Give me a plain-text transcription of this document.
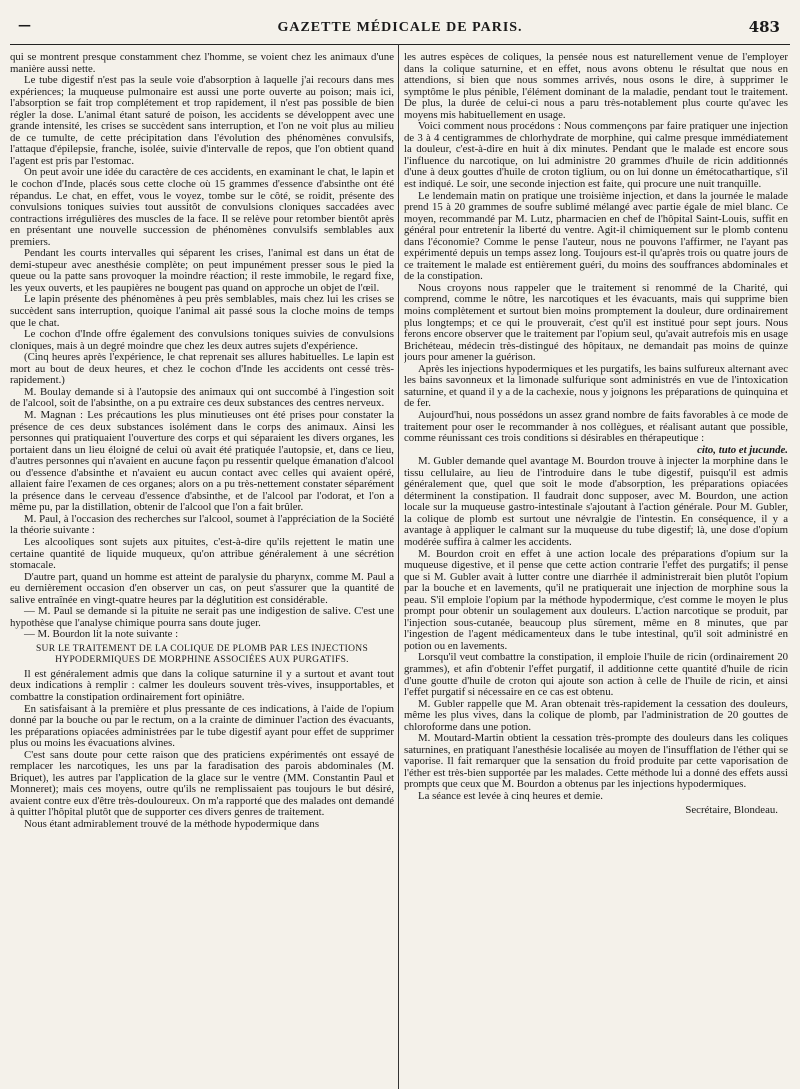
—	GAZETTE MÉDICALE DE PARIS.	483

qui se montrent presque constamment chez l'homme, se voient chez les animaux d'une manière aussi nette.

Le tube digestif n'est pas la seule voie d'absorption à laquelle j'ai recours dans mes expériences; la muqueuse pulmonaire est aussi une porte ouverte au poison; mais ici, l'absorption se fait trop complétement et trop rapidement, il n'est pas possible de bien régler la dose. L'animal étant saturé de poison, les accidents se développent avec une grande intensité, les crises se succèdent sans interruption, et l'on ne voit plus au milieu de ce tumulte, de cette précipitation dans l'évolution des phénomènes convulsifs, l'attaque d'épilepsie, franche, isolée, suivie d'intervalle de repos, que l'on obtient quand l'agent est pris par l'estomac.

On peut avoir une idée du caractère de ces accidents, en examinant le chat, le lapin et le cochon d'Inde, placés sous cette cloche où 15 grammes d'essence d'absinthe ont été répandus. Le chat, en effet, vous le voyez, tombe sur le côté, se roidit, présente des convulsions toniques suivies tout aussitôt de convulsions cloniques saccadées avec contractions irrégulières des muscles de la face. Il se relève pour retomber bientôt après en présentant une nouvelle succession de phénomènes convulsifs semblables aux premiers.

Pendant les courts intervalles qui séparent les crises, l'animal est dans un état de demi-stupeur avec anesthésie complète; on peut impunément presser sous le pied la queue ou la patte sans provoquer la moindre réaction; il reste immobile, le regard fixe, les yeux ouverts, et les paupières ne bougent pas quand on approche un objet de l'œil.

Le lapin présente des phénomènes à peu près semblables, mais chez lui les crises se succèdent sans interruption, quoique l'animal ait passé sous la cloche moins de temps que le chat.

Le cochon d'Inde offre également des convulsions toniques suivies de convulsions cloniques, mais à un degré moindre que chez les deux autres sujets d'expérience.

(Cinq heures après l'expérience, le chat reprenait ses allures habituelles. Le lapin est mort au bout de deux heures, et chez le cochon d'Inde les accidents ont cessé très-rapidement.)

M. Boulay demande si à l'autopsie des animaux qui ont succombé à l'ingestion soit de l'alcool, soit de l'absinthe, on a pu extraire ces deux substances des centres nerveux.

M. Magnan : Les précautions les plus minutieuses ont été prises pour constater la présence de ces deux substances isolément dans le corps des animaux. Ainsi les personnes qui pratiquaient l'ouverture des corps et qui séparaient les divers organes, les portaient dans un lieu éloigné de celui où avait été pratiquée l'autopsie, et, dans ce lieu, d'autres personnes qui n'avaient en aucune façon pu ressentir quelque émanation d'alcool ou d'essence d'absinthe et n'avaient eu aucun contact avec celles qui avaient opéré, allaient faire l'examen de ces organes; alors on a pu très-nettement constater séparément la présence dans le cerveau d'essence d'absinthe, et de l'alcool par l'odorat, et l'on a même pu, par la distillation, obtenir de l'alcool que l'on a fait brûler.

M. Paul, à l'occasion des recherches sur l'alcool, soumet à l'appréciation de la Société la théorie suivante :

Les alcooliques sont sujets aux pituites, c'est-à-dire qu'ils rejettent le matin une certaine quantité de liquide muqueux, qu'on attribue généralement à une sécrétion stomacale.

D'autre part, quand un homme est atteint de paralysie du pharynx, comme M. Paul a eu dernièrement occasion d'en observer un cas, on peut s'assurer que la quantité de salive entraînée en vingt-quatre heures par la déglutition est considérable.

— M. Paul se demande si la pituite ne serait pas une indigestion de salive. C'est une hypothèse que l'analyse chimique pourra sans doute juger.

— M. Bourdon lit la note suivante :

SUR LE TRAITEMENT DE LA COLIQUE DE PLOMB PAR LES INJECTIONS HYPODERMIQUES DE MORPHINE ASSOCIÉES AUX PURGATIFS.

Il est généralement admis que dans la colique saturnine il y a surtout et avant tout deux indications à remplir : calmer les douleurs souvent très-vives, insupportables, et combattre la constipation ordinairement fort opiniâtre.

En satisfaisant à la première et plus pressante de ces indications, à l'aide de l'opium donné par la bouche ou par le rectum, on a la crainte de diminuer l'action des évacuants, les préparations opiacées administrées par le tube digestif ayant pour effet de supprimer plus ou moins les évacuations alvines.

C'est sans doute pour cette raison que des praticiens expérimentés ont essayé de remplacer les narcotiques, les uns par la faradisation des parois abdominales (M. Briquet), les autres par l'application de la glace sur le ventre (MM. Constantin Paul et Monneret); mais ces moyens, outre qu'ils ne remplissaient pas toujours le but désiré, avaient contre eux d'être très-douloureux. On m'a rapporté que des malades ont demandé à quitter l'hôpital plutôt que de supporter ces divers genres de traitement.

Nous étant admirablement trouvé de la méthode hypodermique dans

les autres espèces de coliques, la pensée nous est naturellement venue de l'employer dans la colique saturnine, et en effet, nous avons obtenu le résultat que nous en attendions, si bien que nous sommes arrivés, nous osons le dire, à supprimer le symptôme le plus pénible, l'élément dominant de la maladie, pendant tout le traitement. De plus, la durée de celui-ci nous a paru très-notablement plus courte qu'avec les moyens mis habituellement en usage.

Voici comment nous procédons : Nous commençons par faire pratiquer une injection de 3 à 4 centigrammes de chlorhydrate de morphine, qui calme presque immédiatement la douleur, c'est-à-dire en huit à dix minutes. Pendant que le malade est encore sous l'influence du narcotique, on lui administre 20 grammes d'huile de ricin additionnés d'une à deux gouttes d'huile de croton tiglium, ou on lui donne un émétocathartique, s'il est indiqué. Le soir, une seconde injection est faite, qui procure une nuit tranquille.

Le lendemain matin on pratique une troisième injection, et dans la journée le malade prend 15 à 20 grammes de soufre sublimé mélangé avec partie égale de miel blanc. Ce moyen, recommandé par M. Lutz, pharmacien en chef de l'hôpital Saint-Louis, suffit en général pour entretenir la liberté du ventre. Agit-il chimiquement sur le plomb contenu dans l'économie? Comme le pense l'auteur, nous ne pouvons l'affirmer, ne l'ayant pas expérimenté depuis un temps assez long. Toujours est-il qu'après trois ou quatre jours de ce traitement le malade est entièrement guéri, du moins des souffrances abdominales et de la constipation.

Nous croyons nous rappeler que le traitement si renommé de la Charité, qui comprend, comme le nôtre, les narcotiques et les évacuants, mais qui supprime bien moins complètement et surtout bien moins promptement la douleur, dure ordinairement plus longtemps; et ce qui le prouverait, c'est qu'il est institué pour sept jours. Nous ferons encore observer que le traitement par l'opium seul, qu'avait autrefois mis en usage Brichéteau, médecin très-distingué des hôpitaux, ne demandait pas moins de quinze jours pour amener la guérison.

Après les injections hypodermiques et les purgatifs, les bains sulfureux alternant avec les bains savonneux et la limonade sulfurique sont administrés en vue de l'intoxication saturnine, et quand il y a de la cachexie, nous y joignons les préparations de quinquina et de fer.

Aujourd'hui, nous possédons un assez grand nombre de faits favorables à ce mode de traitement pour oser le recommander à nos collègues, et réalisant autant que possible, comme réunissant ces trois conditions si désirables en thérapeutique :

cito, tuto et jucunde.

M. Gubler demande quel avantage M. Bourdon trouve à injecter la morphine dans le tissu cellulaire, au lieu de l'introduire dans le tube digestif, puisqu'il est admis généralement que, quel que soit le mode d'absorption, les préparations opiacées déterminent la constipation. Il faudrait donc supposer, avec M. Bourdon, une action locale sur la muqueuse gastro-intestinale s'ajoutant à l'action générale. Pour M. Gubler, la colique de plomb est surtout une névralgie de l'intestin. En conséquence, il y a avantage à appliquer le calmant sur la muqueuse du tube digestif; là, une dose d'opium modérée suffira à calmer les accidents.

M. Bourdon croit en effet à une action locale des préparations d'opium sur la muqueuse digestive, et il pense que cette action contrarie l'effet des purgatifs; il pense que si M. Gubler avait à lutter contre une diarrhée il administrerait bien plutôt l'opium par la bouche et en lavements, qu'il ne pratiquerait une injection de morphine sous la peau. S'il emploie l'opium par la méthode hypodermique, c'est comme le moyen le plus prompt pour obtenir un soulagement aux douleurs. L'action narcotique se produit, par l'injection sous-cutanée, beaucoup plus sûrement, même en 8 minutes, que par l'ingestion de l'agent médicamenteux dans le tube intestinal, qu'il soit administré en potion ou en lavements.

Lorsqu'il veut combattre la constipation, il emploie l'huile de ricin (ordinairement 20 grammes), et afin d'obtenir l'effet purgatif, il additionne cette quantité d'huile de ricin d'une goutte d'huile de croton qui ajoute son action à celle de l'huile de ricin, et ainsi l'effet purgatif si nécessaire en ce cas est obtenu.

M. Gubler rappelle que M. Aran obtenait très-rapidement la cessation des douleurs, même les plus vives, dans la colique de plomb, par l'administration de 20 gouttes de chloroforme dans une potion.

M. Moutard-Martin obtient la cessation très-prompte des douleurs dans les coliques saturnines, en pratiquant l'anesthésie localisée au moyen de l'insufflation de l'éther qui se vaporise. Il fait remarquer que la sensation du froid produite par cette vaporisation de l'éther est très-bien supportée par les malades. Cette méthode lui a donné des effets aussi prompts que ceux que M. Bourdon a obtenus par les injections hypodermiques.

La séance est levée à cinq heures et demie.

Secrétaire, Blondeau.
